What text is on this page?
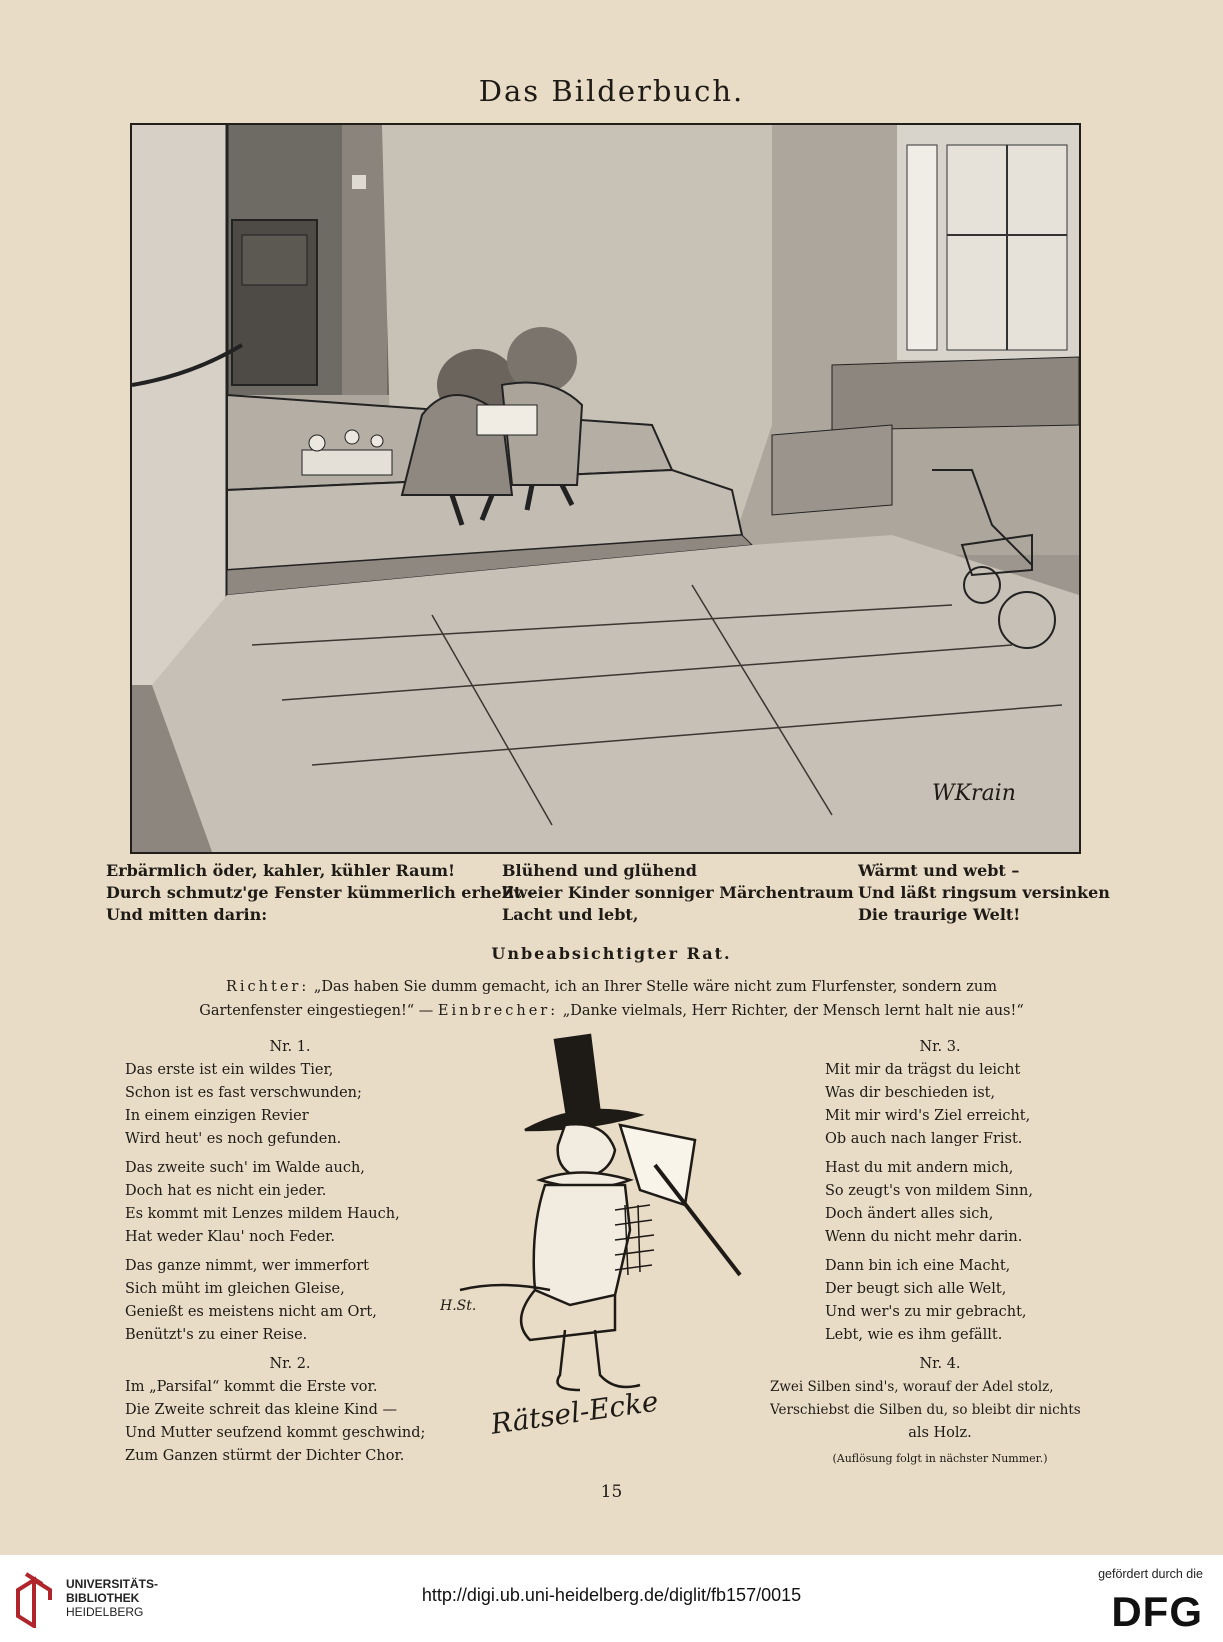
Das Bilderbuch.
WKrain
Erbärmlich öder, kahler, kühler Raum!
Durch schmutz'ge Fenster kümmerlich erhellt –
Und mitten darin:
Blühend und glühend
Zweier Kinder sonniger Märchentraum
Lacht und lebt,
Wärmt und webt –
Und läßt ringsum versinken
Die traurige Welt!
Unbeabsichtigter Rat.
Richter: „Das haben Sie dumm gemacht, ich an Ihrer Stelle wäre nicht zum Flurfenster, sondern zum
Gartenfenster eingestiegen!“ — Einbrecher: „Danke vielmals, Herr Richter, der Mensch lernt halt nie aus!“
Nr. 1.
Das erste ist ein wildes Tier,
Schon ist es fast verschwunden;
In einem einzigen Revier
Wird heut' es noch gefunden.
Das zweite such' im Walde auch,
Doch hat es nicht ein jeder.
Es kommt mit Lenzes mildem Hauch,
Hat weder Klau' noch Feder.
Das ganze nimmt, wer immerfort
Sich müht im gleichen Gleise,
Genießt es meistens nicht am Ort,
Benützt's zu einer Reise.
Nr. 2.
Im „Parsifal“ kommt die Erste vor.
Die Zweite schreit das kleine Kind —
Und Mutter seufzend kommt geschwind;
Zum Ganzen stürmt der Dichter Chor.
H.St.
Rätsel-Ecke
Nr. 3.
Mit mir da trägst du leicht
Was dir beschieden ist,
Mit mir wird's Ziel erreicht,
Ob auch nach langer Frist.
Hast du mit andern mich,
So zeugt's von mildem Sinn,
Doch ändert alles sich,
Wenn du nicht mehr darin.
Dann bin ich eine Macht,
Der beugt sich alle Welt,
Und wer's zu mir gebracht,
Lebt, wie es ihm gefällt.
Nr. 4.
Zwei Silben sind's, worauf der Adel stolz,
Verschiebst die Silben du, so bleibt dir nichts
als Holz.
(Auflösung folgt in nächster Nummer.)
15
UNIVERSITÄTS-
BIBLIOTHEK
HEIDELBERG
http://digi.ub.uni-heidelberg.de/diglit/fb157/0015
gefördert durch die
DFG
